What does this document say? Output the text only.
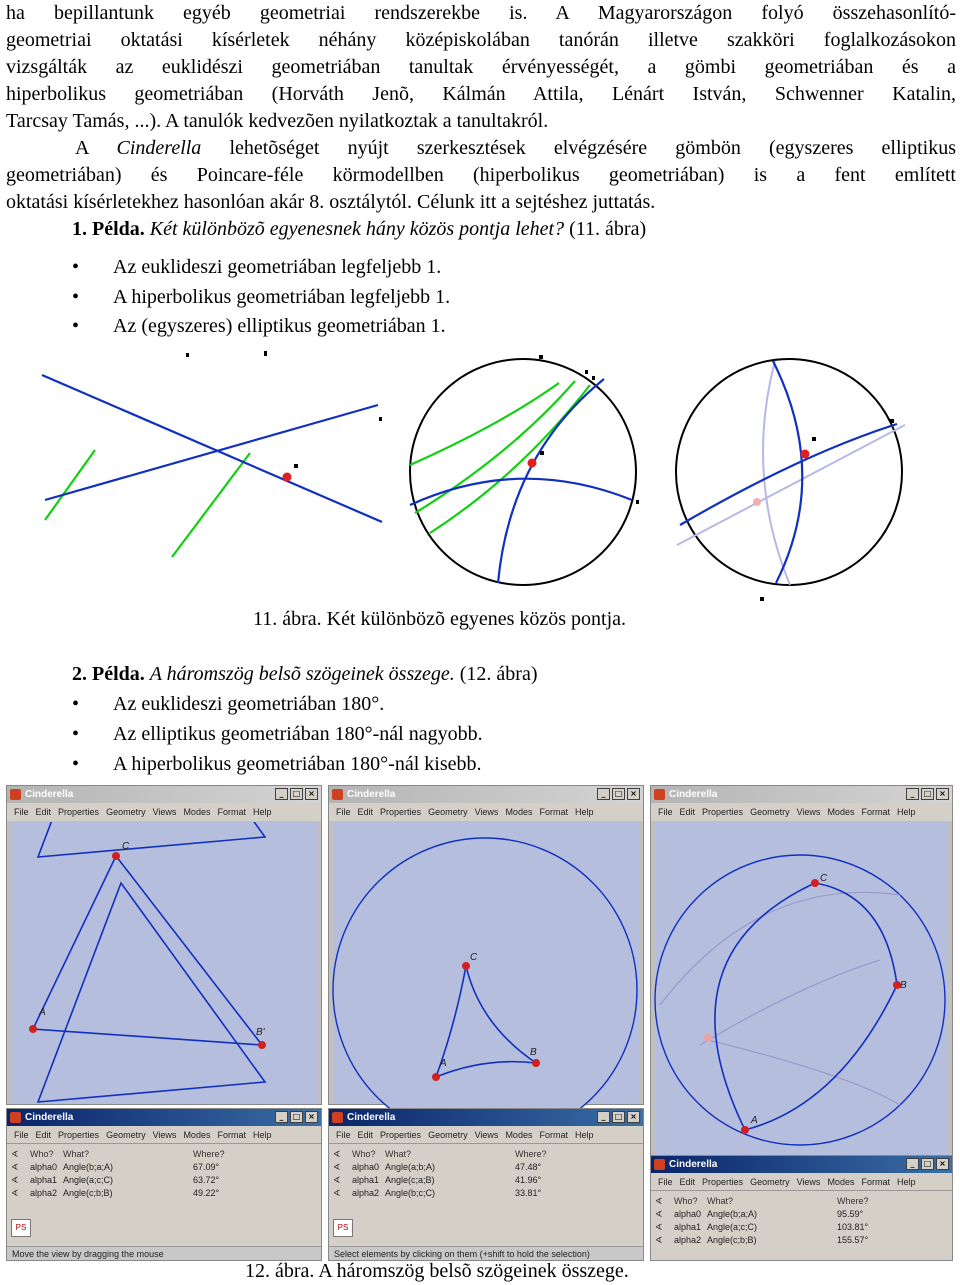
ha bepillantunk egyéb geometriai rendszerekbe is. A Magyarországon folyó összehasonlító-
geometriai oktatási kísérletek néhány középiskolában tanórán illetve szakköri foglalkozásokon
vizsgálták az euklidészi geometriában tanultak érvényességét, a gömbi geometriában és a
hiperbolikus geometriában (Horváth Jenõ, Kálmán Attila, Lénárt István, Schwenner Katalin,
Tarcsay Tamás, ...). A tanulók kedvezõen nyilatkoztak a tanultakról.
A Cinderella lehetõséget nyújt szerkesztések elvégzésére gömbön (egyszeres elliptikus
geometriában) és Poincare-féle körmodellben (hiperbolikus geometriában) is a fent említett
oktatási kísérletekhez hasonlóan akár 8. osztálytól. Célunk itt a sejtéshez juttatás.
1. Példa. Két különbözõ egyenesnek hány közös pontja lehet? (11. ábra)
• Az euklideszi geometriában legfeljebb 1.
• A hiperbolikus geometriában legfeljebb 1.
• Az (egyszeres) elliptikus geometriában 1.
11. ábra. Két különbözõ egyenes közös pontja.
2. Példa. A háromszög belsõ szögeinek összege. (12. ábra)
• Az euklideszi geometriában 180°.
• Az elliptikus geometriában 180°-nál nagyobb.
• A hiperbolikus geometriában 180°-nál kisebb.
Cinderella	_	□ ×
File Edit Properties Geometry Views Modes Format Help
Cinderella	_	□ ×
File Edit Properties Geometry Views Modes Format Help
Cinderella	_	□ ×
File Edit Properties Geometry Views Modes Format Help
C
A
B'
C
A
B
C
B
A
Cinderella	_	□ ×
File Edit Properties Geometry Views Modes Format Help
∢
∢
∢
∢
Who?	What?	Where?
alpha0	Angle(b;a;A)	67.09°
alpha1	Angle(a;c;C)	63.72°
alpha2	Angle(c;b;B)	49.22°
PS
Move the view by dragging the mouse
Cinderella	_	□ ×
File Edit Properties Geometry Views Modes Format Help
∢
∢
∢
∢
Who?	What?	Where?
alpha0	Angle(a;b;A)	47.48°
alpha1	Angle(c;a;B)	41.96°
alpha2	Angle(b;c;C)	33.81°
PS
Select elements by clicking on them (+shift to hold the selection)
Cinderella	_	□ ×
File Edit Properties Geometry Views Modes Format Help
∢
∢
∢
∢
Who?	What?	Where?
alpha0	Angle(b;a;A)	95.59°
alpha1	Angle(a;c;C)	103.81°
alpha2	Angle(c;b;B)	155.57°
12. ábra. A háromszög belsõ szögeinek összege.
